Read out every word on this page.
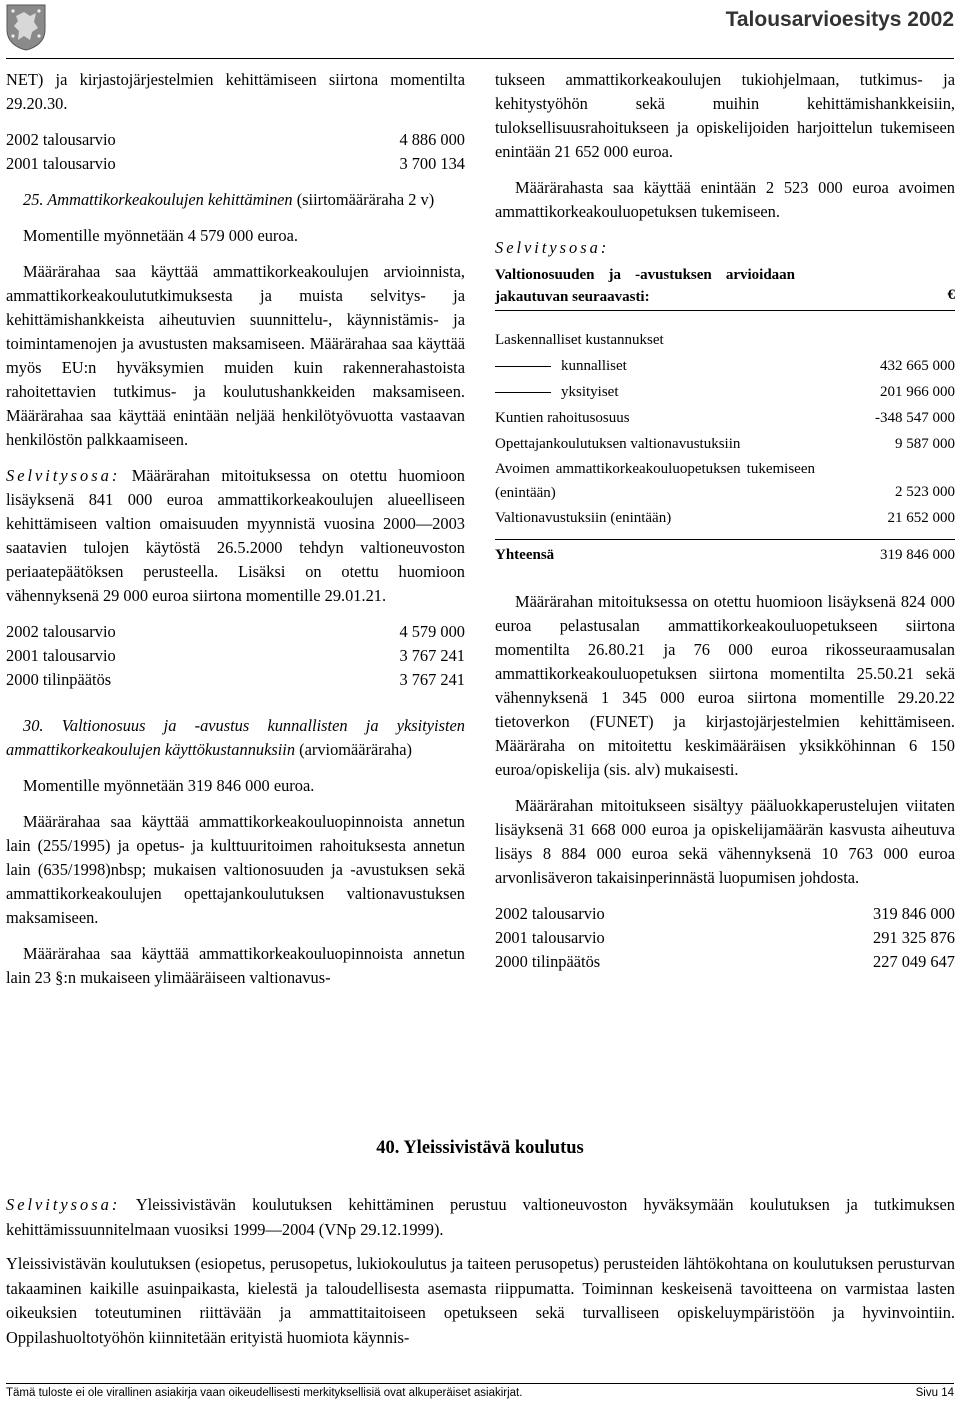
Talousarvioesitys 2002

NET) ja kirjastojärjestelmien kehittämiseen siirtona momentilta 29.20.30.

2002 talousarvio	4 886 000
2001 talousarvio	3 700 134

25. Ammattikorkeakoulujen kehittäminen (siirtomääräraha 2 v)

Momentille myönnetään 4 579 000 euroa.

Määrärahaa saa käyttää ammattikorkeakoulujen arvioinnista, ammattikorkeakoulututkimuksesta ja muista selvitys- ja kehittämishankkeista aiheutuvien suunnittelu-, käynnistämis- ja toimintamenojen ja avustusten maksamiseen. Määrärahaa saa käyttää myös EU:n hyväksymien muiden kuin rakennerahastoista rahoitettavien tutkimus- ja koulutushankkeiden maksamiseen. Määrärahaa saa käyttää enintään neljää henkilötyövuotta vastaavan henkilöstön palkkaamiseen.

Selvitysosa: Määrärahan mitoituksessa on otettu huomioon lisäyksenä 841 000 euroa ammattikorkeakoulujen alueelliseen kehittämiseen valtion omaisuuden myynnistä vuosina 2000—2003 saatavien tulojen käytöstä 26.5.2000 tehdyn valtioneuvoston periaatepäätöksen perusteella. Lisäksi on otettu huomioon vähennyksenä 29 000 euroa siirtona momentille 29.01.21.

2002 talousarvio	4 579 000
2001 talousarvio	3 767 241
2000 tilinpäätös	3 767 241

30. Valtionosuus ja -avustus kunnallisten ja yksityisten ammattikorkeakoulujen käyttökustannuksiin (arviomääräraha)

Momentille myönnetään 319 846 000 euroa.

Määrärahaa saa käyttää ammattikorkeakouluopinnoista annetun lain (255/1995) ja opetus- ja kulttuuritoimen rahoituksesta annetun lain (635/1998)nbsp; mukaisen valtionosuuden ja -avustuksen sekä ammattikorkeakoulujen opettajankoulutuksen valtionavustuksen maksamiseen.

Määrärahaa saa käyttää ammattikorkeakouluopinnoista annetun lain 23 §:n mukaiseen ylimääräiseen valtionavus-

tukseen ammattikorkeakoulujen tukiohjelmaan, tutkimus- ja kehitystyöhön sekä muihin kehittämishankkeisiin, tuloksellisuusrahoitukseen ja opiskelijoiden harjoittelun tukemiseen enintään 21 652 000 euroa.

Määrärahasta saa käyttää enintään 2 523 000 euroa avoimen ammattikorkeakouluopetuksen tukemiseen.

Selvitysosa:

Valtionosuuden ja -avustuksen arvioidaan jakautuvan seuraavasti:	€
Laskennalliset kustannukset
kunnalliset	432 665 000
yksityiset	201 966 000
Kuntien rahoitusosuus	-348 547 000
Opettajankoulutuksen valtionavustuksiin	9 587 000
Avoimen ammattikorkeakouluopetuksen tukemiseen (enintään)	2 523 000
Valtionavustuksiin (enintään)	21 652 000
Yhteensä	319 846 000

Määrärahan mitoituksessa on otettu huomioon lisäyksenä 824 000 euroa pelastusalan ammattikorkeakouluopetukseen siirtona momentilta 26.80.21 ja 76 000 euroa rikosseuraamusalan ammattikorkeakouluopetuksen siirtona momentilta 25.50.21 sekä vähennyksenä 1 345 000 euroa siirtona momentille 29.20.22 tietoverkon (FUNET) ja kirjastojärjestelmien kehittämiseen. Määräraha on mitoitettu keskimääräisen yksikköhinnan 6 150 euroa/opiskelija (sis. alv) mukaisesti.

Määrärahan mitoitukseen sisältyy pääluokkaperustelujen viitaten lisäyksenä 31 668 000 euroa ja opiskelijamäärän kasvusta aiheutuva lisäys 8 884 000 euroa sekä vähennyksenä 10 763 000 euroa arvonlisäveron takaisinperinnästä luopumisen johdosta.

2002 talousarvio	319 846 000
2001 talousarvio	291 325 876
2000 tilinpäätös	227 049 647
40. Yleissivistävä koulutus

Selvitysosa: Yleissivistävän koulutuksen kehittäminen perustuu valtioneuvoston hyväksymään koulutuksen ja tutkimuksen kehittämissuunnitelmaan vuosiksi 1999—2004 (VNp 29.12.1999).

Yleissivistävän koulutuksen (esiopetus, perusopetus, lukiokoulutus ja taiteen perusopetus) perusteiden lähtökohtana on koulutuksen perusturvan takaaminen kaikille asuinpaikasta, kielestä ja taloudellisesta asemasta riippumatta. Toiminnan keskeisenä tavoitteena on varmistaa lasten oikeuksien toteutuminen riittävään ja ammattitaitoiseen opetukseen sekä turvalliseen opiskeluympäristöön ja hyvinvointiin. Oppilashuoltotyöhön kiinnitetään erityistä huomiota käynnis-

Tämä tuloste ei ole virallinen asiakirja vaan oikeudellisesti merkityksellisiä ovat alkuperäiset asiakirjat.	Sivu 14
